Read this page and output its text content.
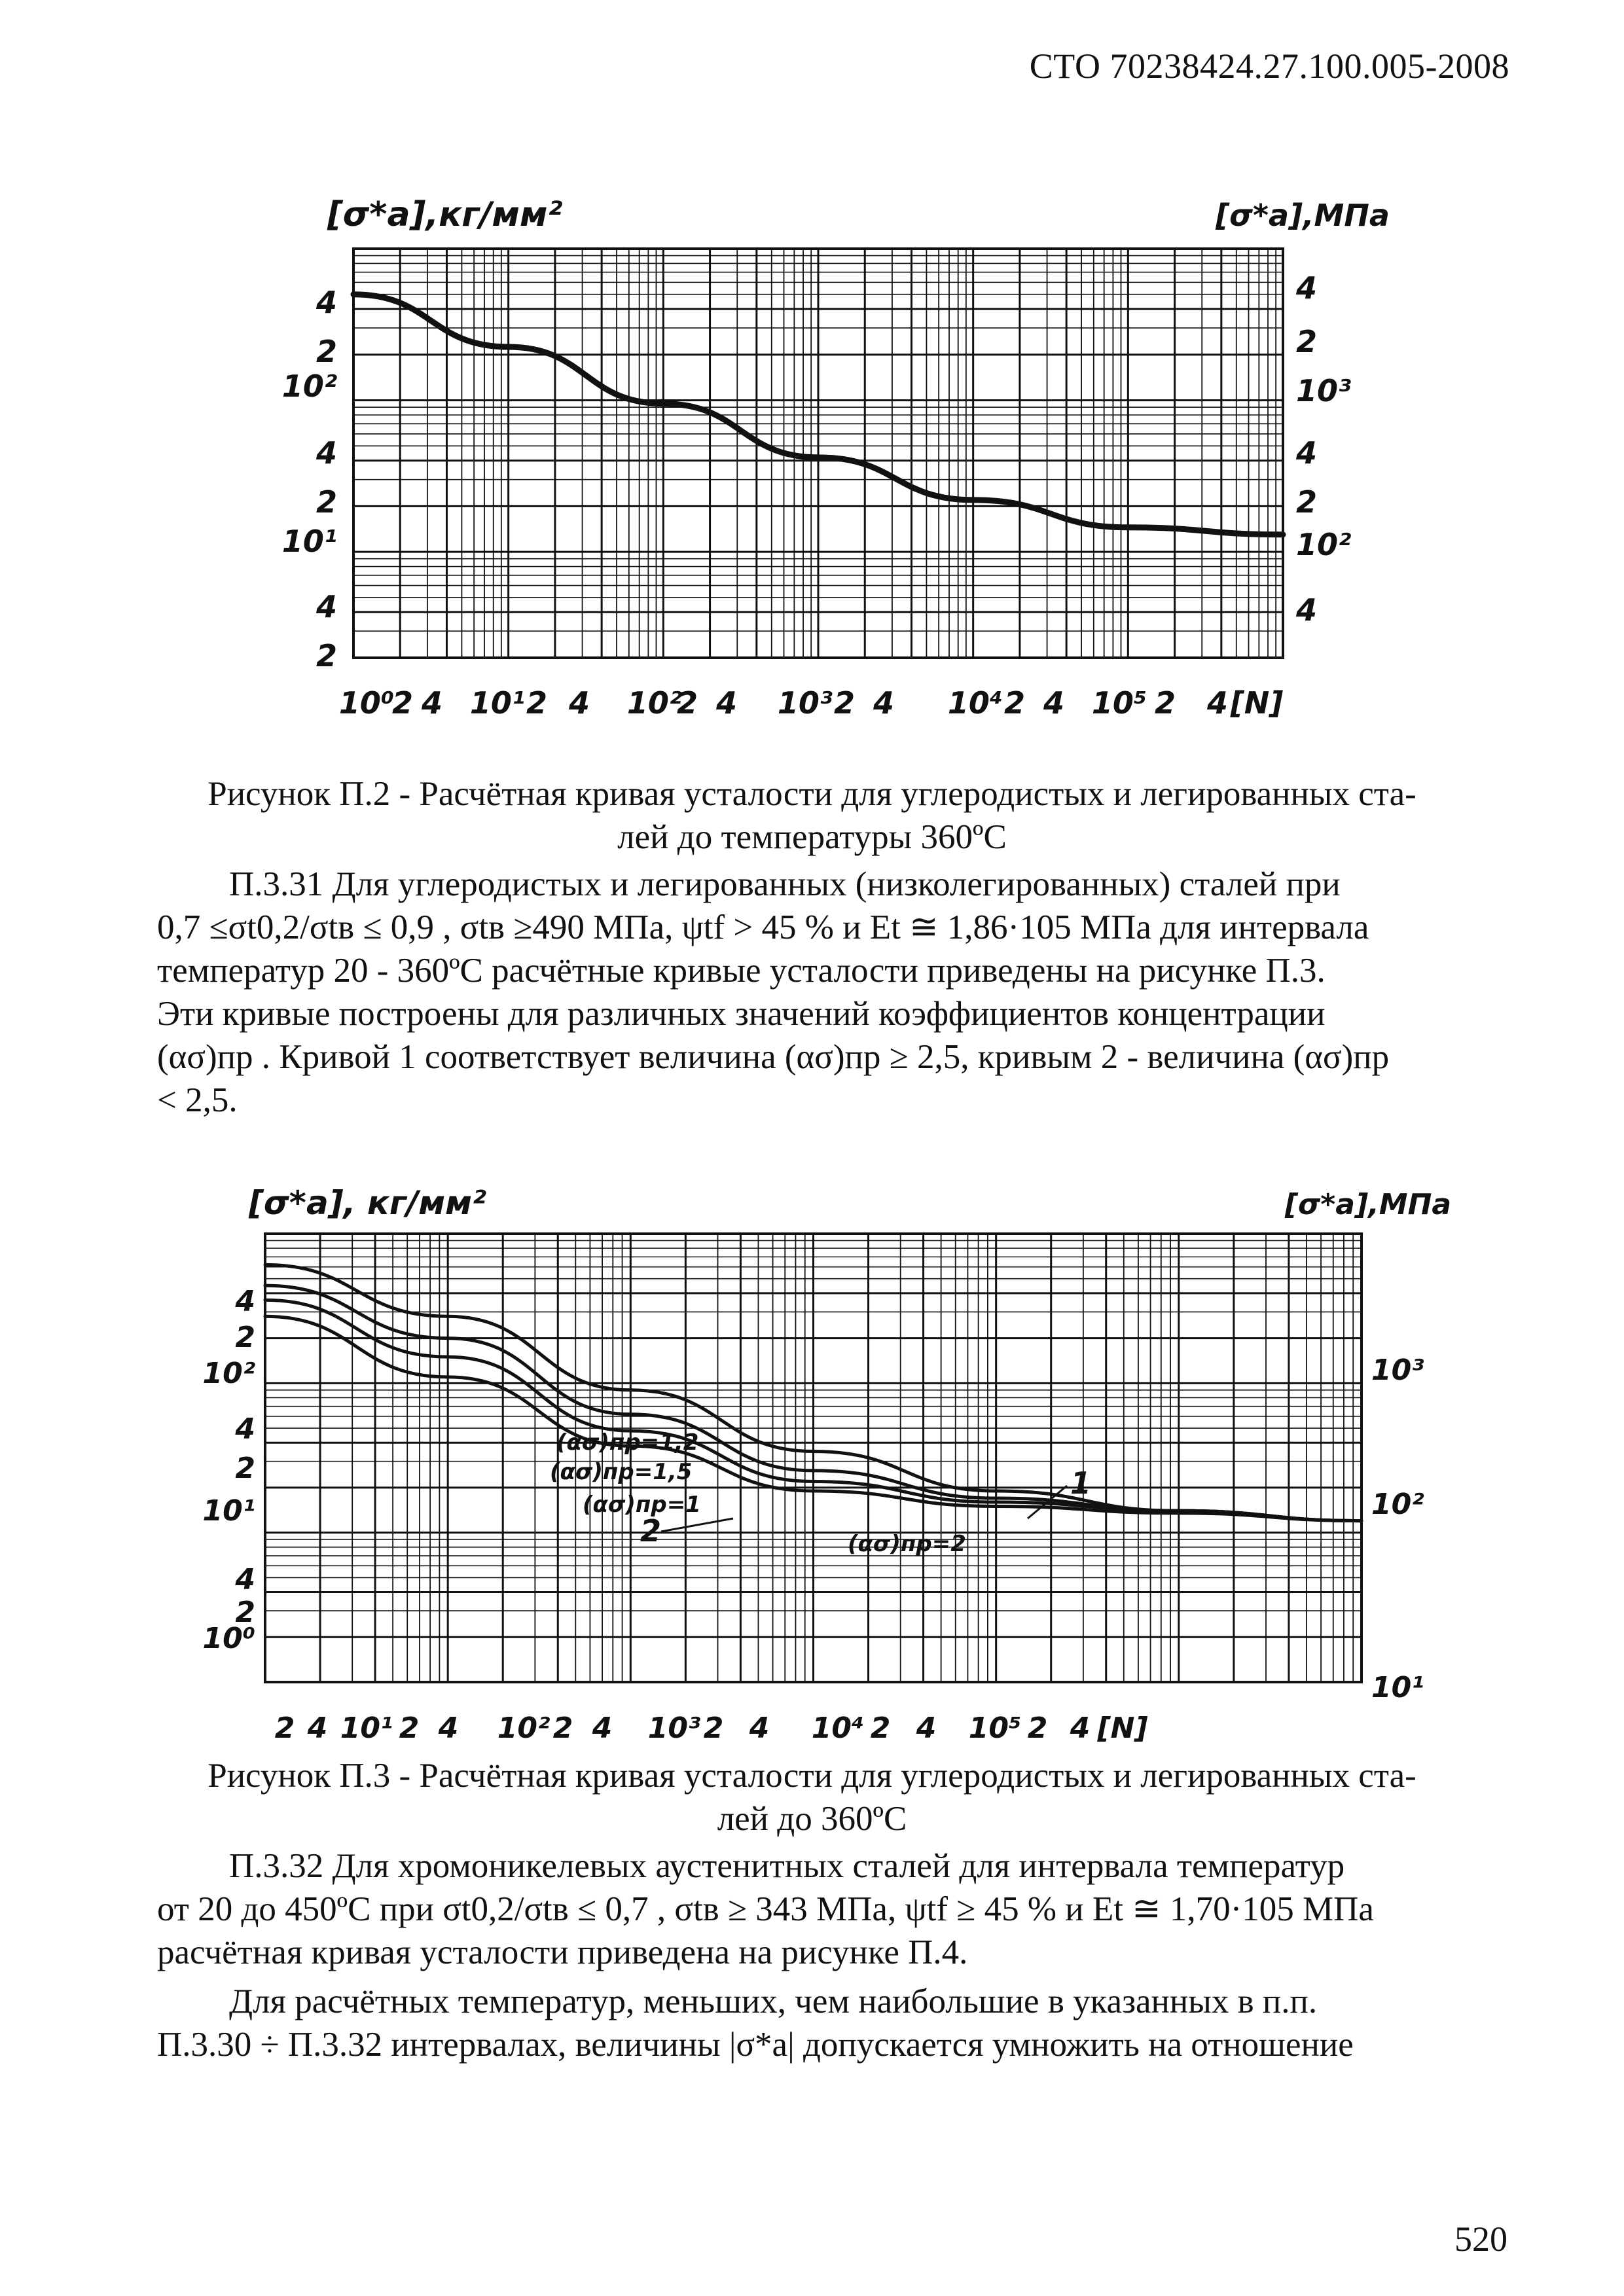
СТО 70238424.27.100.005-2008
[σ*a],кг/мм²	[σ*a],МПа
4
2
10²
4
2
10¹
4
2
4
2
10³
4
2
10²
4
10⁰
2 4 10¹ 2 4 10²
2 4 10³ 2 4 10⁴ 2 4 10⁵ 2 4 [N]
Рисунок П.2 - Расчётная кривая усталости для углеродистых и легированных ста-
лей до температуры 360ºС

П.3.31 Для углеродистых и легированных (низколегированных) сталей при

0,7 ≤σt0,2/σtв ≤ 0,9 , σtв ≥490 МПа, ψtf > 45 % и Et ≅ 1,86·105 МПа для интервала

температур 20 - 360ºС расчётные кривые усталости приведены на рисунке П.3.

Эти кривые построены для различных значений коэффициентов концентрации

(ασ)пр . Кривой 1 соответствует величина (ασ)пр ≥ 2,5, кривым 2 - величина (ασ)пр

< 2,5.

[σ*a], кг/мм²	[σ*a],МПа
4
2
10²
4
2
10¹
4
2
10⁰
10³
10²
10¹
2 4 10¹ 2 4 10² 2 4 10³ 2 4 10⁴ 2 4 10⁵ 2 4 [N]
(ασ)пр=1,2
(ασ)пр=1,5
(ασ)пр=1
2
1
(ασ)пр=2
Рисунок П.3 - Расчётная кривая усталости для углеродистых и легированных ста-
лей до 360ºС

П.3.32 Для хромоникелевых аустенитных сталей для интервала температур

от 20 до 450ºС при σt0,2/σtв ≤ 0,7 , σtв ≥ 343 МПа, ψtf ≥ 45 % и Et ≅ 1,70·105 МПа

расчётная кривая усталости приведена на рисунке П.4.

Для расчётных температур, меньших, чем наибольшие в указанных в п.п.

П.3.30 ÷ П.3.32 интервалах, величины |σ*a| допускается умножить на отношение

520
